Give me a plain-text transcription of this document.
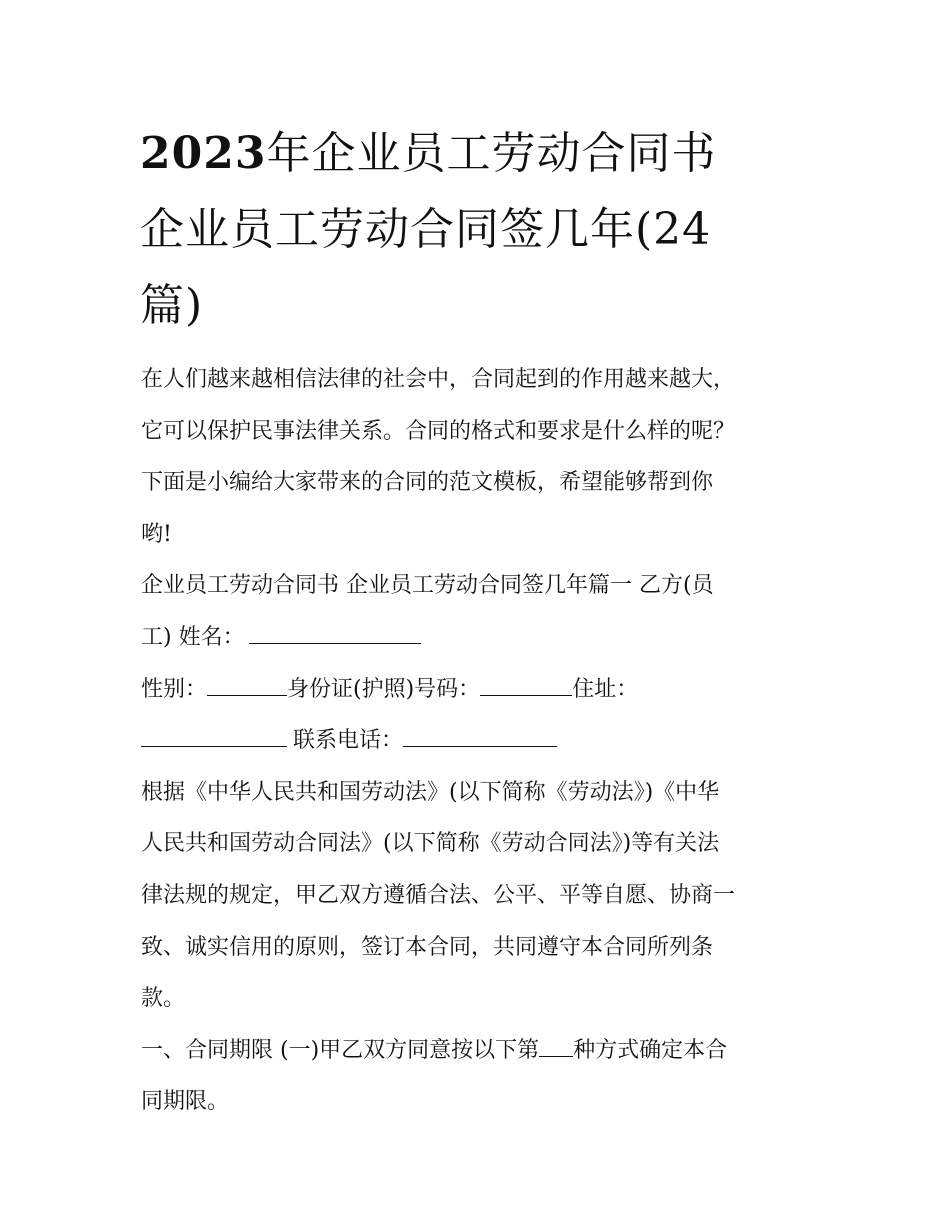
2023年企业员工劳动合同书
企业员工劳动合同签几年(24
篇)
在人们越来越相信法律的社会中，合同起到的作用越来越大，
它可以保护民事法律关系。合同的格式和要求是什么样的呢？
下面是小编给大家带来的合同的范文模板，希望能够帮到你
哟!
企业员工劳动合同书 企业员工劳动合同签几年篇一 乙方(员
工) 姓名：
性别：	身份证(护照)号码：	住址：
联系电话：
根据《中华人民共和国劳动法》(以下简称《劳动法》)《中华
人民共和国劳动合同法》(以下简称《劳动合同法》)等有关法
律法规的规定，甲乙双方遵循合法、公平、平等自愿、协商一
致、诚实信用的原则，签订本合同，共同遵守本合同所列条
款。
一、合同期限 (一)甲乙双方同意按以下第 种方式确定本合
同期限。
